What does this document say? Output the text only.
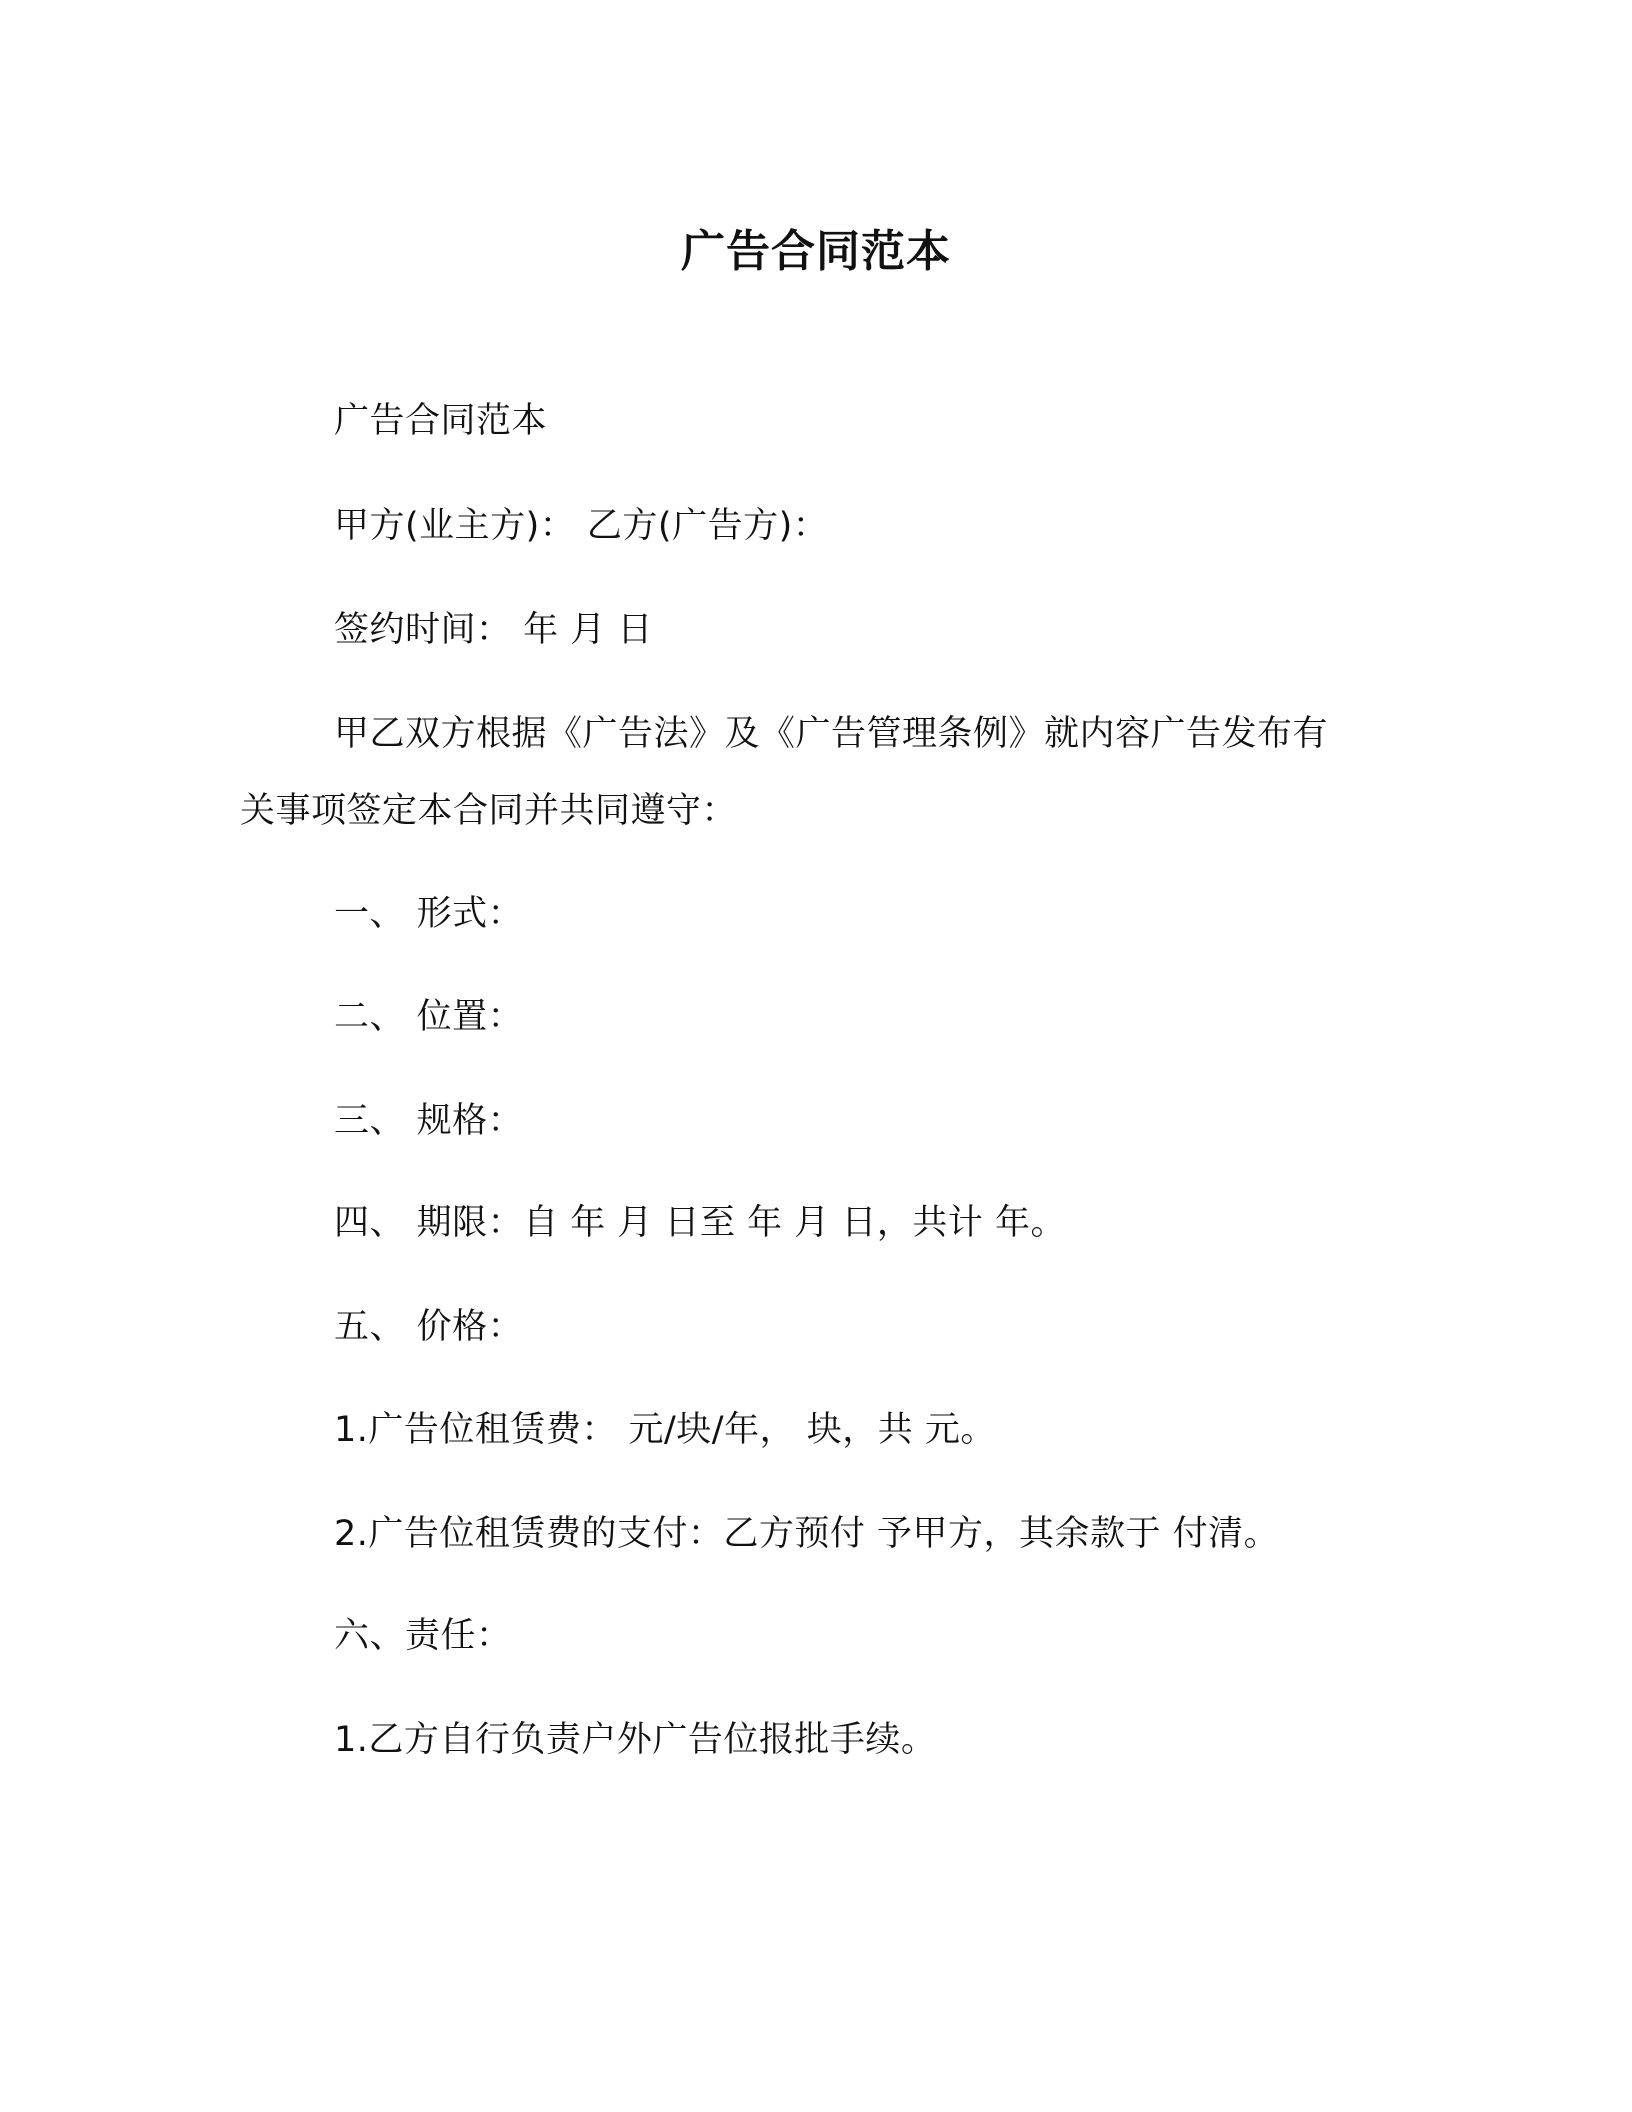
广告合同范本
广告合同范本
甲方(业主方)： 乙方(广告方)：
签约时间： 年 月 日
甲乙双方根据《广告法》及《广告管理条例》就内容广告发布有
关事项签定本合同并共同遵守：
一、 形式：
二、 位置：
三、 规格：
四、 期限：自 年 月 日至 年 月 日，共计 年。
五、 价格：
1.广告位租赁费： 元/块/年， 块，共 元。
2.广告位租赁费的支付：乙方预付 予甲方，其余款于 付清。
六、责任：
1.乙方自行负责户外广告位报批手续。
